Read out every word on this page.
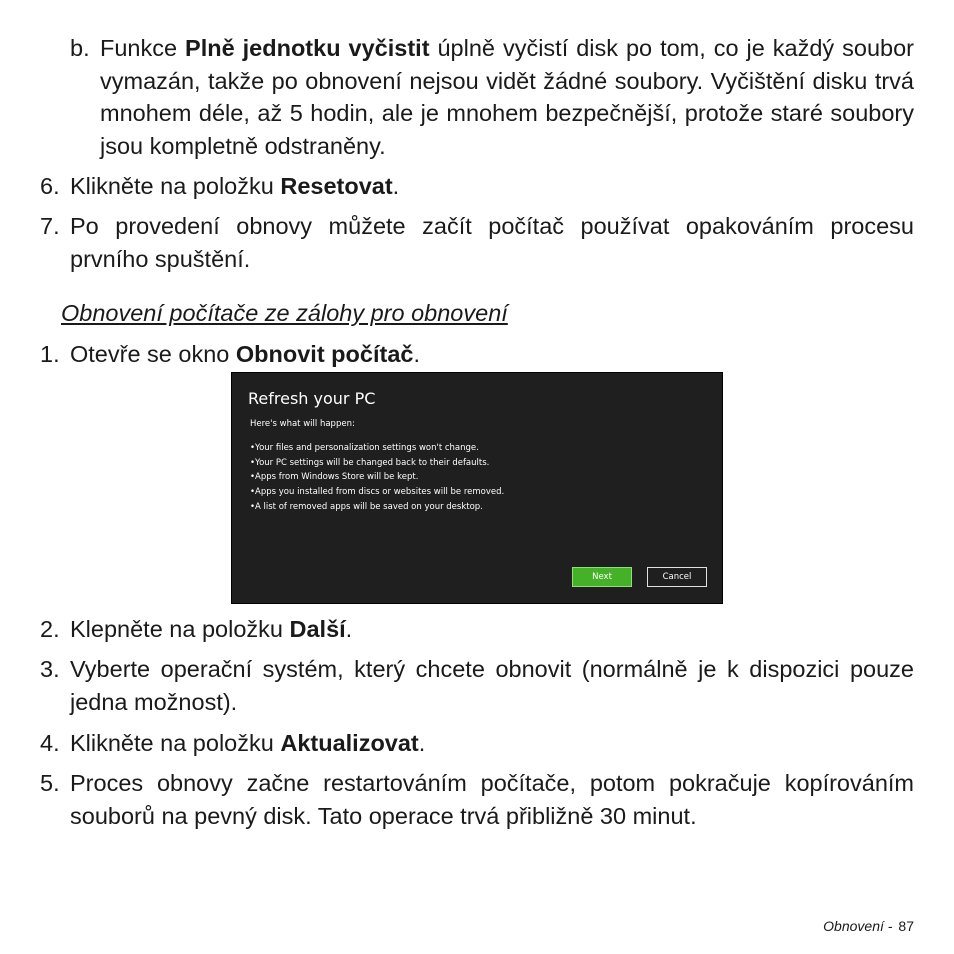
b. Funkce Plně jednotku vyčistit úplně vyčistí disk po tom, co je každý soubor vymazán, takže po obnovení nejsou vidět žádné soubory. Vyčištění disku trvá mnohem déle, až 5 hodin, ale je mnohem bezpečnější, protože staré soubory jsou kompletně odstraněny.

6. Klikněte na položku Resetovat.

7. Po provedení obnovy můžete začít počítač používat opakováním procesu prvního spuštění.

Obnovení počítače ze zálohy pro obnovení

1. Otevře se okno Obnovit počítač.

Refresh your PC
Here's what will happen:
• Your files and personalization settings won't change.
• Your PC settings will be changed back to their defaults.
• Apps from Windows Store will be kept.
• Apps you installed from discs or websites will be removed.
• A list of removed apps will be saved on your desktop.
Next	Cancel

2. Klepněte na položku Další.

3. Vyberte operační systém, který chcete obnovit (normálně je k dispozici pouze jedna možnost).

4. Klikněte na položku Aktualizovat.

5. Proces obnovy začne restartováním počítače, potom pokračuje kopírováním souborů na pevný disk. Tato operace trvá přibližně 30 minut.

Obnovení - 87
